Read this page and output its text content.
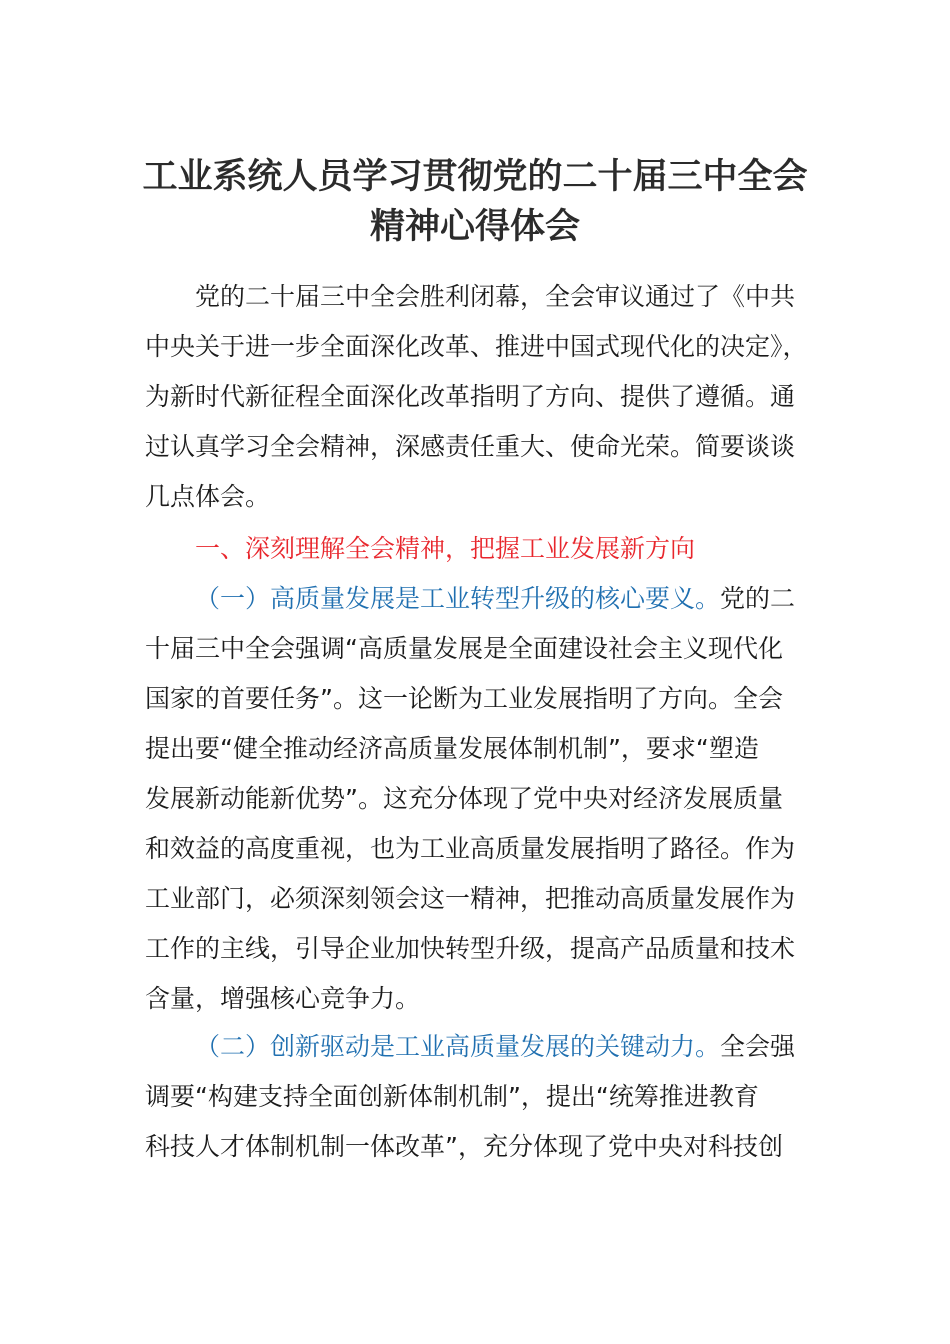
工业系统人员学习贯彻党的二十届三中全会
精神心得体会

党的二十届三中全会胜利闭幕，全会审议通过了《中共

中央关于进一步全面深化改革、推进中国式现代化的决定》，

为新时代新征程全面深化改革指明了方向、提供了遵循。通

过认真学习全会精神，深感责任重大、使命光荣。简要谈谈

几点体会。

一、深刻理解全会精神，把握工业发展新方向

（一）高质量发展是工业转型升级的核心要义。党的二

十届三中全会强调“高质量发展是全面建设社会主义现代化

国家的首要任务”。这一论断为工业发展指明了方向。全会

提出要“健全推动经济高质量发展体制机制”，要求“塑造

发展新动能新优势”。这充分体现了党中央对经济发展质量

和效益的高度重视，也为工业高质量发展指明了路径。作为

工业部门，必须深刻领会这一精神，把推动高质量发展作为

工作的主线，引导企业加快转型升级，提高产品质量和技术

含量，增强核心竞争力。

（二）创新驱动是工业高质量发展的关键动力。全会强

调要“构建支持全面创新体制机制”，提出“统筹推进教育

科技人才体制机制一体改革”，充分体现了党中央对科技创
